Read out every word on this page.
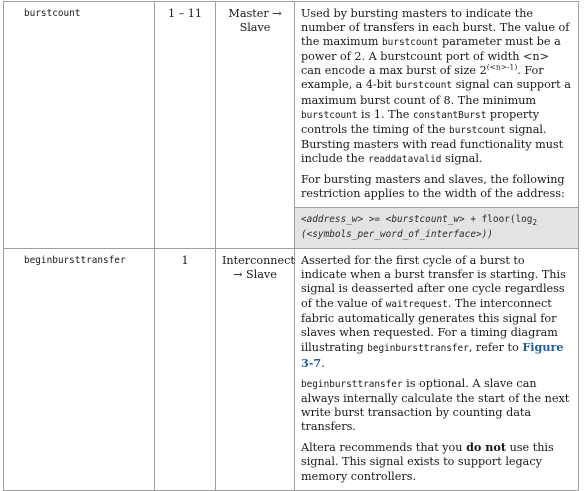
burstcount	1 – 11	Master → Slave	Used by bursting masters to indicate the number of transfers in each burst. The value of the maximum burstcount parameter must be a power of 2. A burstcount port of width <n> can encode a max burst of size $2^{(<n>-1)}$. For example, a 4-bit burstcount signal can support a maximum burst count of 8. The minimum burstcount is 1. The constantBurst property controls the timing of the burstcount signal. Bursting masters with read functionality must include the readdatavalid signal.

For bursting masters and slaves, the following restriction applies to the width of the address:

<address_w> >= <burstcount_w> + $floor(\log_2$
(<symbols_per_word_of_interface>))

beginbursttransfer	1	Interconnect → Slave	Asserted for the first cycle of a burst to indicate when a burst transfer is starting. This signal is deasserted after one cycle regardless of the value of waitrequest. The interconnect fabric automatically generates this signal for slaves when requested. For a timing diagram illustrating beginbursttransfer, refer to Figure 3-7.

beginbursttransfer is optional. A slave can always internally calculate the start of the next write burst transaction by counting data transfers.

Altera recommends that you do not use this signal. This signal exists to support legacy memory controllers.
